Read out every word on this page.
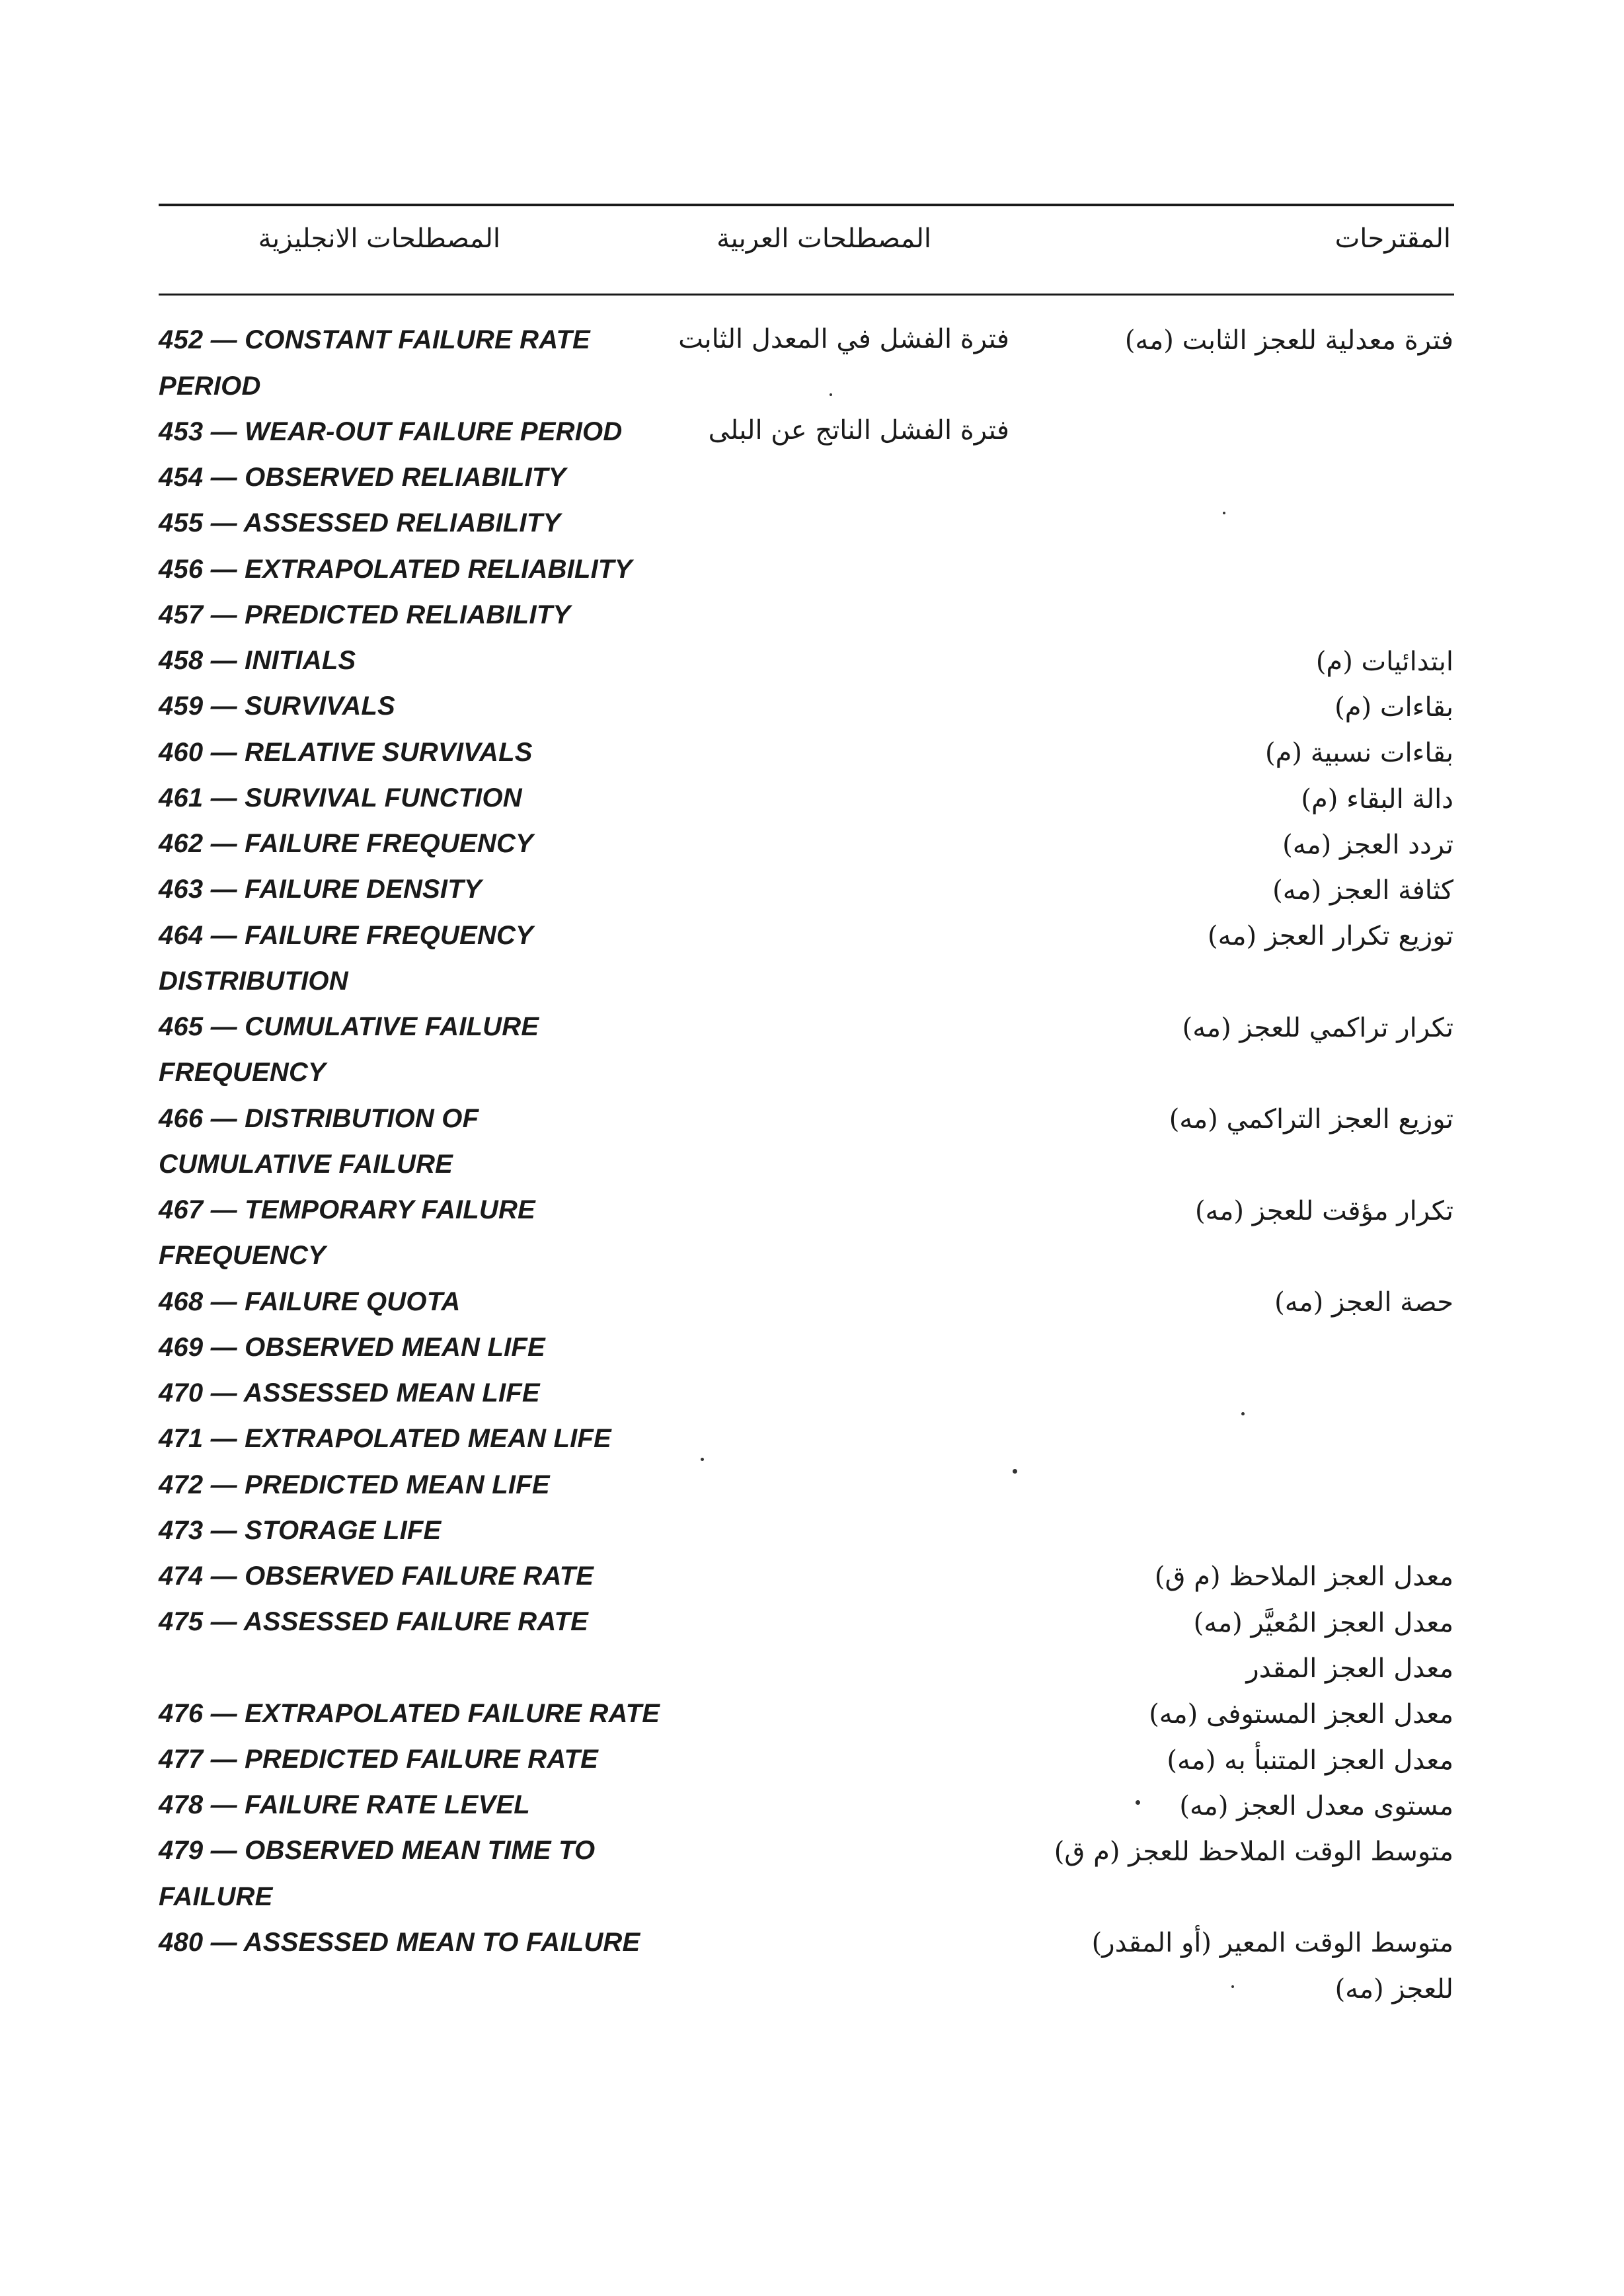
المقترحات
المصطلحات العربية
المصطلحات الانجليزية
452 — CONSTANT FAILURE RATE
PERIOD
453 — WEAR-OUT FAILURE PERIOD
454 — OBSERVED RELIABILITY
455 — ASSESSED RELIABILITY
456 — EXTRAPOLATED RELIABILITY
457 — PREDICTED RELIABILITY
458 — INITIALS
459 — SURVIVALS
460 — RELATIVE SURVIVALS
461 — SURVIVAL FUNCTION
462 — FAILURE FREQUENCY
463 — FAILURE DENSITY
464 — FAILURE FREQUENCY
DISTRIBUTION
465 — CUMULATIVE FAILURE
FREQUENCY
466 — DISTRIBUTION OF
CUMULATIVE FAILURE
467 — TEMPORARY FAILURE
FREQUENCY
468 — FAILURE QUOTA
469 — OBSERVED MEAN LIFE
470 — ASSESSED MEAN LIFE
471 — EXTRAPOLATED MEAN LIFE
472 — PREDICTED MEAN LIFE
473 — STORAGE LIFE
474 — OBSERVED FAILURE RATE
475 — ASSESSED FAILURE RATE
476 — EXTRAPOLATED FAILURE RATE
477 — PREDICTED FAILURE RATE
478 — FAILURE RATE LEVEL
479 — OBSERVED MEAN TIME TO
FAILURE
480 — ASSESSED MEAN TO FAILURE
فترة الفشل في المعدل الثابت
فترة الفشل الناتج عن البلى
فترة معدلية للعجز الثابت (مه)
ابتدائيات (م)
بقاءات (م)
بقاءات نسبية (م)
دالة البقاء (م)
تردد العجز (مه)
كثافة العجز (مه)
توزيع تكرار العجز (مه)
تكرار تراكمي للعجز (مه)
توزيع العجز التراكمي (مه)
تكرار مؤقت للعجز (مه)
حصة العجز (مه)
معدل العجز الملاحظ (م ق)
معدل العجز المُعيَّر (مه)
معدل العجز المقدر
معدل العجز المستوفى (مه)
معدل العجز المتنبأ به (مه)
مستوى معدل العجز (مه)
متوسط الوقت الملاحظ للعجز (م ق)
متوسط الوقت المعير (أو المقدر)
للعجز (مه)
